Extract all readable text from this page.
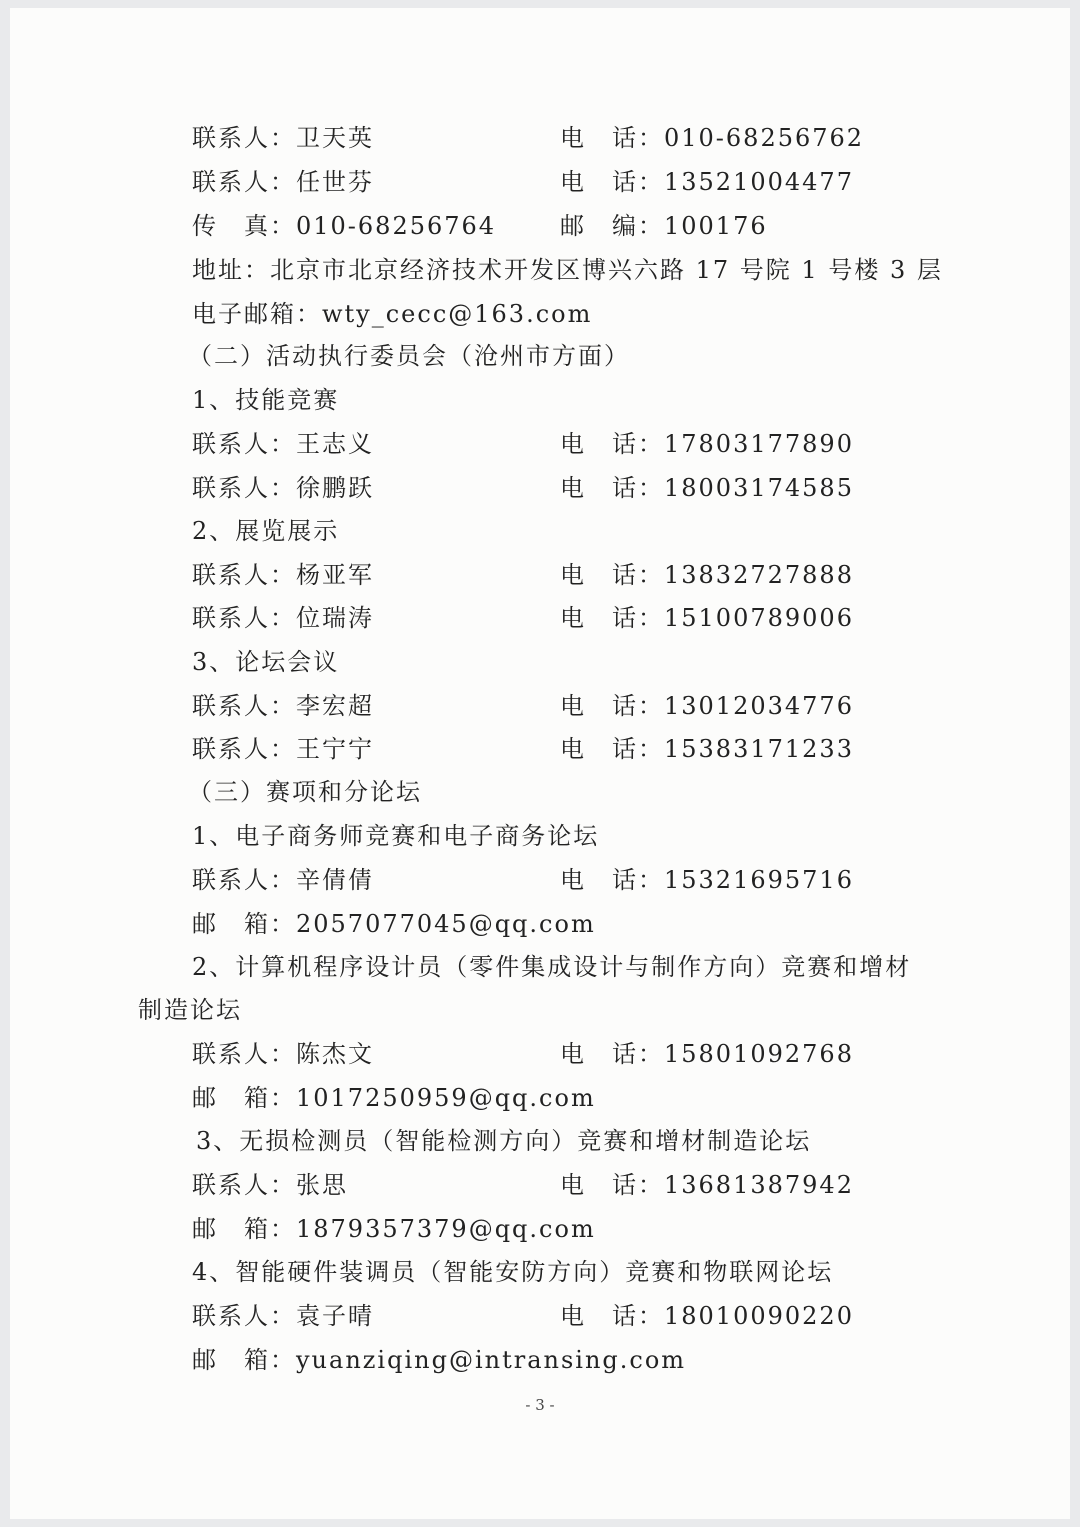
联系人：卫天英	电　话：010-68256762
联系人：任世芬	电　话：13521004477
传　真：010-68256764	邮　编：100176
地址：北京市北京经济技术开发区博兴六路 17 号院 1 号楼 3 层
电子邮箱：wty_cecc@163.com
（二）活动执行委员会（沧州市方面）
1、技能竞赛
联系人：王志义	电　话：17803177890
联系人：徐鹏跃	电　话：18003174585
2、展览展示
联系人：杨亚军	电　话：13832727888
联系人：位瑞涛	电　话：15100789006
3、论坛会议
联系人：李宏超	电　话：13012034776
联系人：王宁宁	电　话：15383171233
（三）赛项和分论坛
1、电子商务师竞赛和电子商务论坛
联系人：辛倩倩	电　话：15321695716
邮　箱：2057077045@qq.com
2、计算机程序设计员（零件集成设计与制作方向）竞赛和增材
制造论坛
联系人：陈杰文	电　话：15801092768
邮　箱：1017250959@qq.com
3、无损检测员（智能检测方向）竞赛和增材制造论坛
联系人：张思	电　话：13681387942
邮　箱：1879357379@qq.com
4、智能硬件装调员（智能安防方向）竞赛和物联网论坛
联系人：袁子晴	电　话：18010090220
邮　箱：yuanziqing@intransing.com
- 3 -
